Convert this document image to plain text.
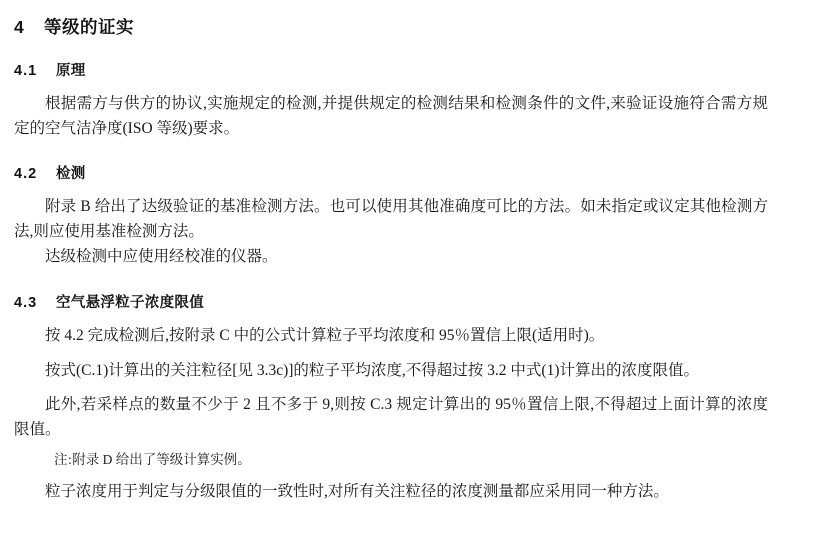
4 等级的证实
4.1 原理

根据需方与供方的协议,实施规定的检测,并提供规定的检测结果和检测条件的文件,来验证设施符合需方规定的空气洁净度(ISO 等级)要求。

4.2 检测

附录 B 给出了达级验证的基准检测方法。也可以使用其他准确度可比的方法。如未指定或议定其他检测方法,则应使用基准检测方法。

达级检测中应使用经校准的仪器。

4.3 空气悬浮粒子浓度限值

按 4.2 完成检测后,按附录 C 中的公式计算粒子平均浓度和 95％置信上限(适用时)。

按式(C.1)计算出的关注粒径[见 3.3c)]的粒子平均浓度,不得超过按 3.2 中式(1)计算出的浓度限值。

此外,若采样点的数量不少于 2 且不多于 9,则按 C.3 规定计算出的 95％置信上限,不得超过上面计算的浓度限值。

注:附录 D 给出了等级计算实例。

粒子浓度用于判定与分级限值的一致性时,对所有关注粒径的浓度测量都应采用同一种方法。
